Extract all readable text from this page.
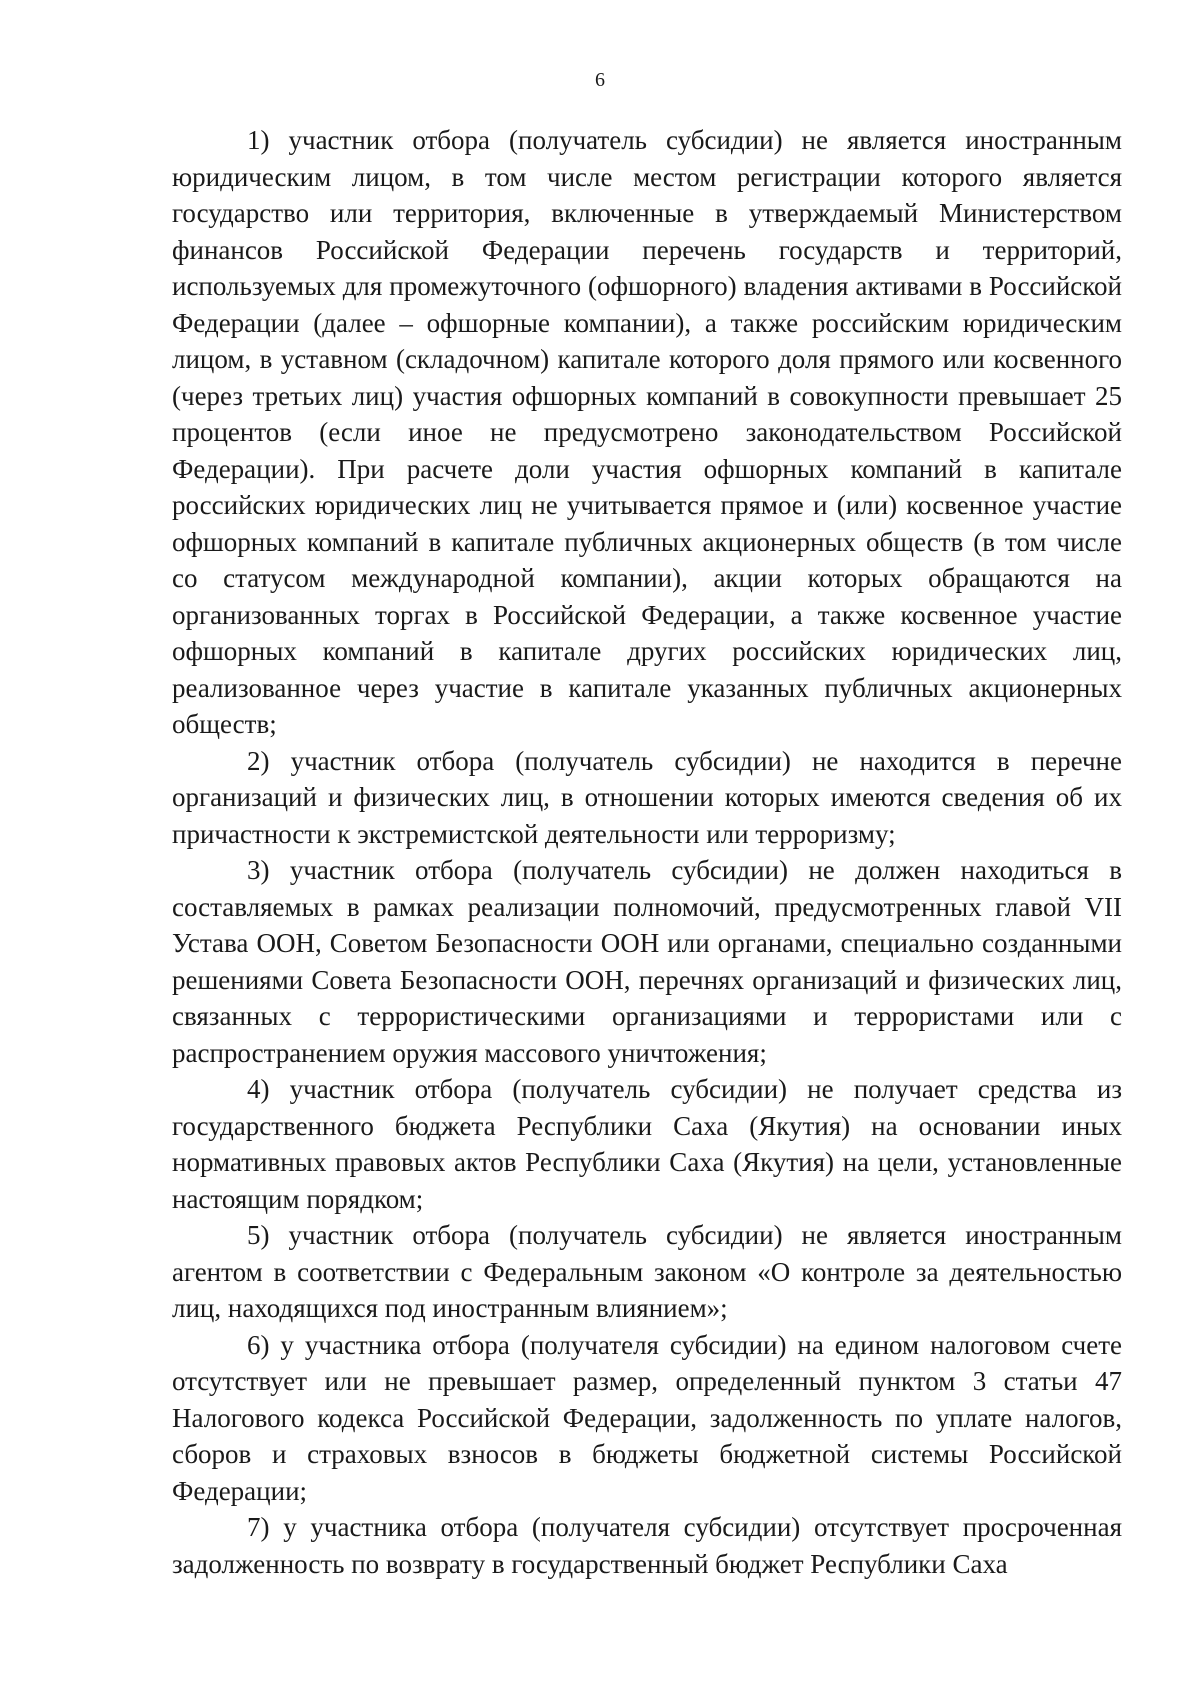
6

1) участник отбора (получатель субсидии) не является иностранным юридическим лицом, в том числе местом регистрации которого является государство или территория, включенные в утверждаемый Министерством финансов Российской Федерации перечень государств и территорий, используемых для промежуточного (офшорного) владения активами в Российской Федерации (далее – офшорные компании), а также российским юридическим лицом, в уставном (складочном) капитале которого доля прямого или косвенного (через третьих лиц) участия офшорных компаний в совокупности превышает 25 процентов (если иное не предусмотрено законодательством Российской Федерации). При расчете доли участия офшорных компаний в капитале российских юридических лиц не учитывается прямое и (или) косвенное участие офшорных компаний в капитале публичных акционерных обществ (в том числе со статусом международной компании), акции которых обращаются на организованных торгах в Российской Федерации, а также косвенное участие офшорных компаний в капитале других российских юридических лиц, реализованное через участие в капитале указанных публичных акционерных обществ;

2) участник отбора (получатель субсидии) не находится в перечне организаций и физических лиц, в отношении которых имеются сведения об их причастности к экстремистской деятельности или терроризму;

3) участник отбора (получатель субсидии) не должен находиться в составляемых в рамках реализации полномочий, предусмотренных главой VII Устава ООН, Советом Безопасности ООН или органами, специально созданными решениями Совета Безопасности ООН, перечнях организаций и физических лиц, связанных с террористическими организациями и террористами или с распространением оружия массового уничтожения;

4) участник отбора (получатель субсидии) не получает средства из государственного бюджета Республики Саха (Якутия) на основании иных нормативных правовых актов Республики Саха (Якутия) на цели, установленные настоящим порядком;

5) участник отбора (получатель субсидии) не является иностранным агентом в соответствии с Федеральным законом «О контроле за деятельностью лиц, находящихся под иностранным влиянием»;

6) у участника отбора (получателя субсидии) на едином налоговом счете отсутствует или не превышает размер, определенный пунктом 3 статьи 47 Налогового кодекса Российской Федерации, задолженность по уплате налогов, сборов и страховых взносов в бюджеты бюджетной системы Российской Федерации;

7) у участника отбора (получателя субсидии) отсутствует просроченная задолженность по возврату в государственный бюджет Республики Саха
